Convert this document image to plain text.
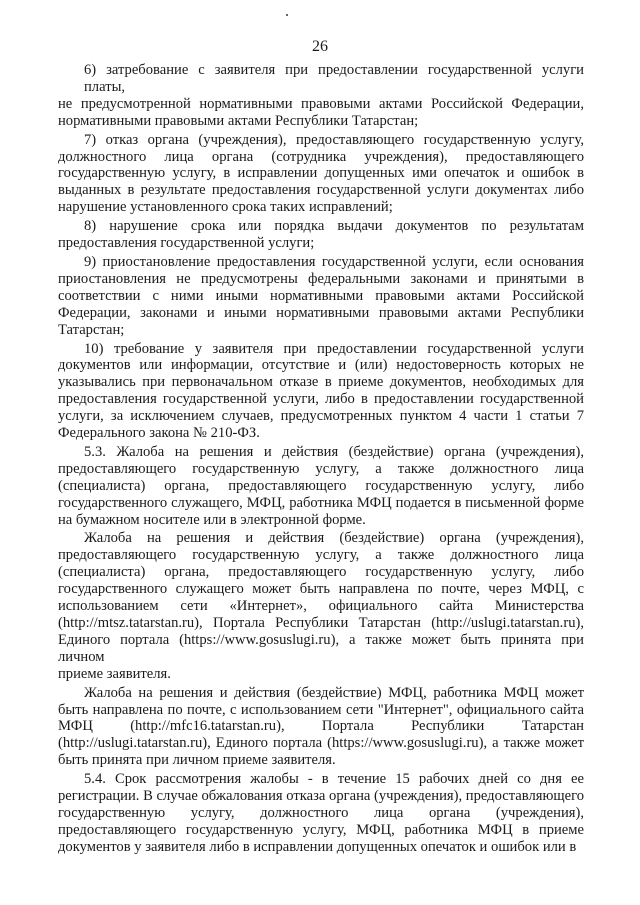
26
6) затребование с заявителя при предоставлении государственной услуги платы,
не предусмотренной нормативными правовыми актами Российской Федерации,
нормативными правовыми актами Республики Татарстан;
7) отказ органа (учреждения), предоставляющего государственную услугу,
должностного лица органа (сотрудника учреждения), предоставляющего
государственную услугу, в исправлении допущенных ими опечаток и ошибок в
выданных в результате предоставления государственной услуги документах либо
нарушение установленного срока таких исправлений;
8) нарушение срока или порядка выдачи документов по результатам
предоставления государственной услуги;
9) приостановление предоставления государственной услуги, если основания
приостановления не предусмотрены федеральными законами и принятыми в
соответствии с ними иными нормативными правовыми актами Российской
Федерации, законами и иными нормативными правовыми актами Республики
Татарстан;
10) требование у заявителя при предоставлении государственной услуги
документов или информации, отсутствие и (или) недостоверность которых не
указывались при первоначальном отказе в приеме документов, необходимых для
предоставления государственной услуги, либо в предоставлении государственной
услуги, за исключением случаев, предусмотренных пунктом 4 части 1 статьи 7
Федерального закона № 210-ФЗ.
5.3. Жалоба на решения и действия (бездействие) органа (учреждения),
предоставляющего государственную услугу, а также должностного лица
(специалиста) органа, предоставляющего государственную услугу, либо
государственного служащего, МФЦ, работника МФЦ подается в письменной форме
на бумажном носителе или в электронной форме.
Жалоба на решения и действия (бездействие) органа (учреждения),
предоставляющего государственную услугу, а также должностного лица
(специалиста) органа, предоставляющего государственную услугу, либо
государственного служащего может быть направлена по почте, через МФЦ, с
использованием сети «Интернет», официального сайта Министерства
(http://mtsz.tatarstan.ru), Портала Республики Татарстан (http://uslugi.tatarstan.ru),
Единого портала (https://www.gosuslugi.ru), а также может быть принята при личном
приеме заявителя.
Жалоба на решения и действия (бездействие) МФЦ, работника МФЦ может
быть направлена по почте, с использованием сети "Интернет", официального сайта
МФЦ (http://mfc16.tatarstan.ru), Портала Республики Татарстан
(http://uslugi.tatarstan.ru), Единого портала (https://www.gosuslugi.ru), а также может
быть принята при личном приеме заявителя.
5.4. Срок рассмотрения жалобы - в течение 15 рабочих дней со дня ее
регистрации. В случае обжалования отказа органа (учреждения), предоставляющего
государственную услугу, должностного лица органа (учреждения),
предоставляющего государственную услугу, МФЦ, работника МФЦ в приеме
документов у заявителя либо в исправлении допущенных опечаток и ошибок или в
